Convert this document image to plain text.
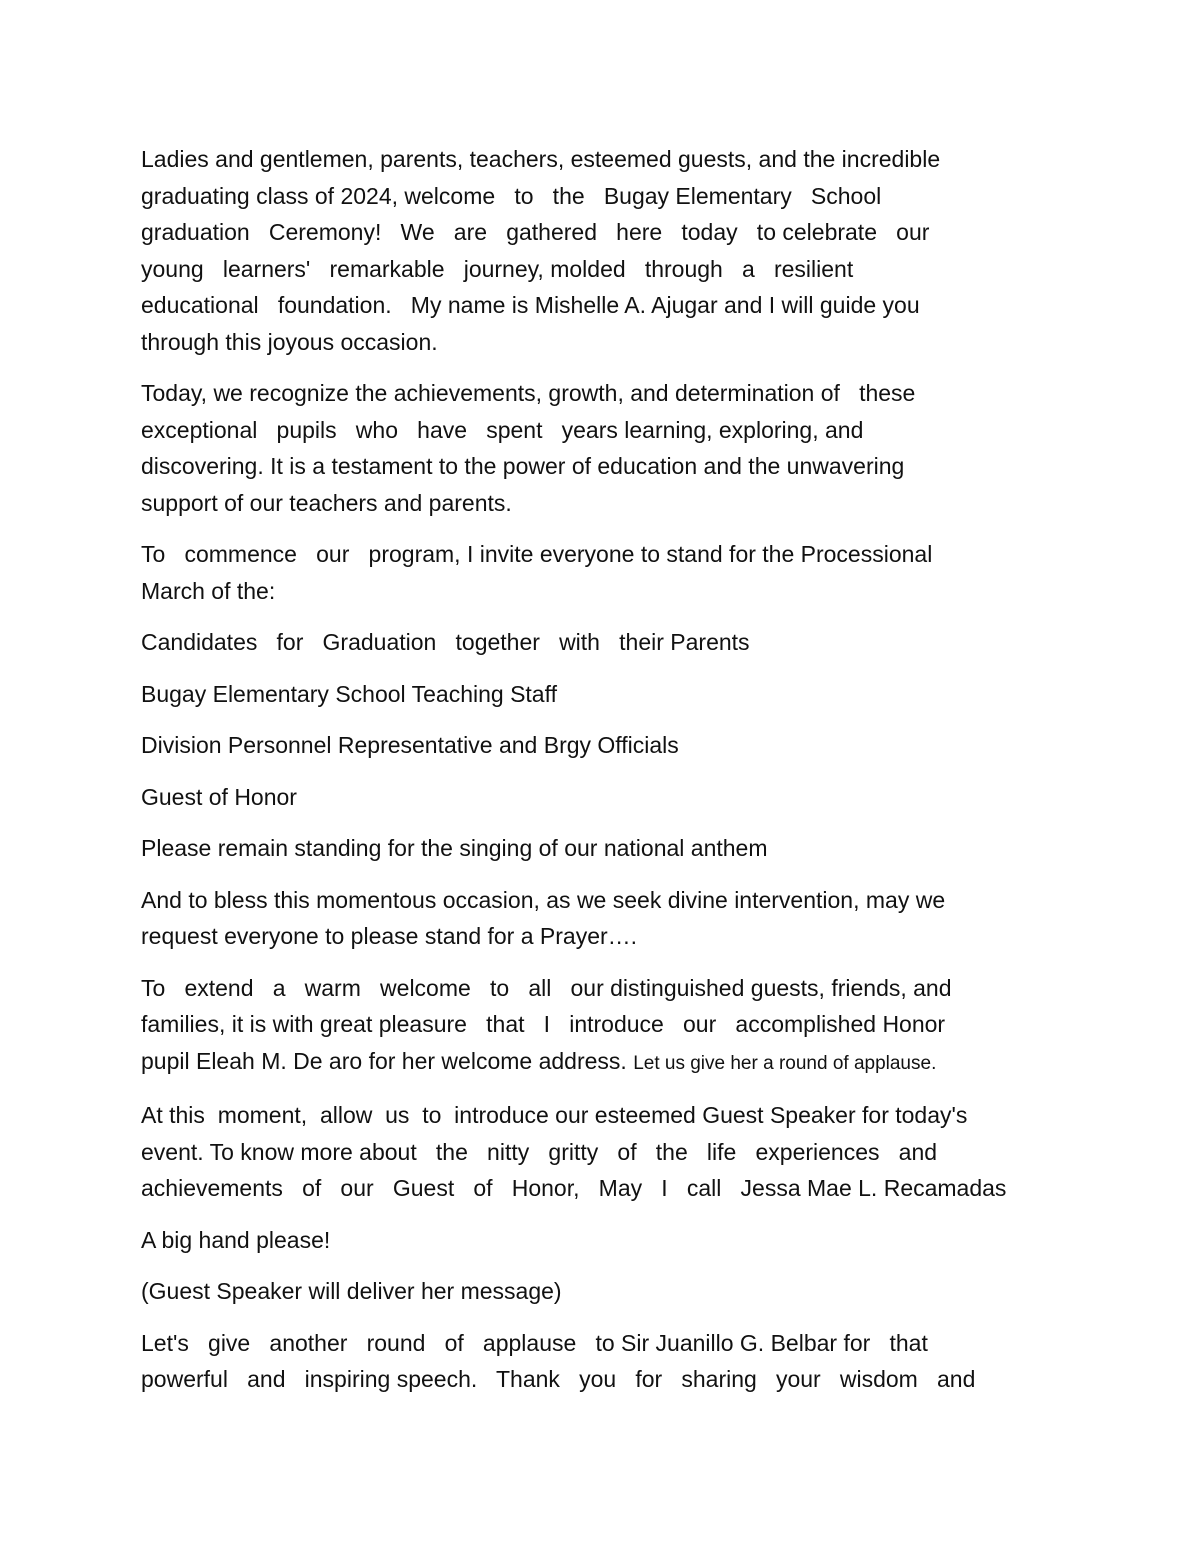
Ladies and gentlemen, parents, teachers, esteemed guests, and the incredible
graduating class of 2024, welcome   to   the   Bugay Elementary   School
graduation   Ceremony!   We   are   gathered   here   today   to celebrate   our
young   learners'   remarkable   journey, molded   through   a   resilient
educational   foundation.   My name is Mishelle A. Ajugar and I will guide you
through this joyous occasion.

Today, we recognize the achievements, growth, and determination of   these
exceptional   pupils   who   have   spent   years learning, exploring, and
discovering. It is a testament to the power of education and the unwavering
support of our teachers and parents.

To   commence   our   program, I invite everyone to stand for the Processional
March of the:

Candidates   for   Graduation   together   with   their Parents

Bugay Elementary School Teaching Staff

Division Personnel Representative and Brgy Officials

Guest of Honor

Please remain standing for the singing of our national anthem

And to bless this momentous occasion, as we seek divine intervention, may we
request everyone to please stand for a Prayer….

To   extend   a   warm   welcome   to   all   our distinguished guests, friends, and
families, it is with great pleasure   that   I   introduce   our   accomplished Honor
pupil Eleah M. De aro for her welcome address. Let us give her a round of applause.

At this  moment,  allow  us  to  introduce our esteemed Guest Speaker for today's
event. To know more about   the   nitty   gritty   of   the   life   experiences   and
achievements   of   our   Guest   of   Honor,   May   I   call   Jessa Mae L. Recamadas

A big hand please!

(Guest Speaker will deliver her message)

Let's   give   another   round   of   applause   to Sir Juanillo G. Belbar for   that
powerful   and   inspiring speech.   Thank   you   for   sharing   your   wisdom   and
